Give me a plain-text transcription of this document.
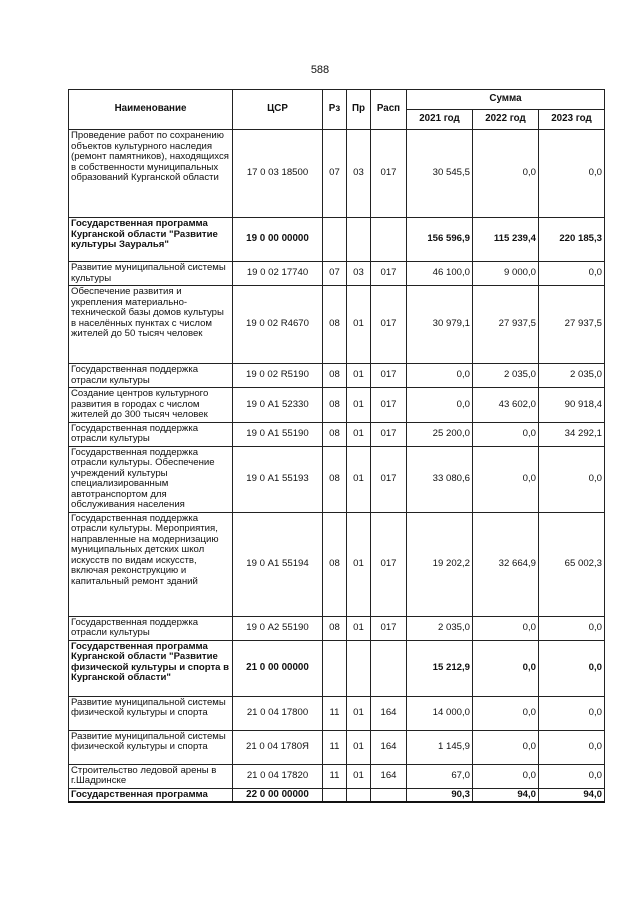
588
Наименование	ЦСР	Рз	Пр	Расп	Сумма		
					2021 год	2022 год	2023 год
Проведение работ по сохранению объектов культурного наследия (ремонт памятников), находящихся в собственности муниципальных образований Курганской области	17 0 03 18500	07	03	017	30 545,5	0,0	0,0
Государственная программа Курганской области "Развитие культуры Зауралья"	19 0 00 00000				156 596,9	115 239,4	220 185,3
Развитие муниципальной системы культуры	19 0 02 17740	07	03	017	46 100,0	9 000,0	0,0
Обеспечение развития и укрепления материально-технической базы домов культуры в населённых пунктах с числом жителей до 50 тысяч человек	19 0 02 R4670	08	01	017	30 979,1	27 937,5	27 937,5
Государственная поддержка отрасли культуры	19 0 02 R5190	08	01	017	0,0	2 035,0	2 035,0
Создание центров культурного развития в городах с числом жителей до 300 тысяч человек	19 0 А1 52330	08	01	017	0,0	43 602,0	90 918,4
Государственная поддержка отрасли культуры	19 0 А1 55190	08	01	017	25 200,0	0,0	34 292,1
Государственная поддержка отрасли культуры. Обеспечение учреждений культуры специализированным автотранспортом для обслуживания населения	19 0 А1 55193	08	01	017	33 080,6	0,0	0,0
Государственная поддержка отрасли культуры. Мероприятия, направленные на модернизацию муниципальных детских школ искусств по видам искусств, включая реконструкцию и капитальный ремонт зданий	19 0 А1 55194	08	01	017	19 202,2	32 664,9	65 002,3
Государственная поддержка отрасли культуры	19 0 А2 55190	08	01	017	2 035,0	0,0	0,0
Государственная программа Курганской области "Развитие физической культуры и спорта в Курганской области"	21 0 00 00000				15 212,9	0,0	0,0
Развитие муниципальной системы физической культуры и спорта	21 0 04 17800	11	01	164	14 000,0	0,0	0,0
Развитие муниципальной системы физической культуры и спорта	21 0 04 1780Я	11	01	164	1 145,9	0,0	0,0
Строительство ледовой арены в г.Шадринске	21 0 04 17820	11	01	164	67,0	0,0	0,0
Государственная программа	22 0 00 00000				90,3	94,0	94,0
